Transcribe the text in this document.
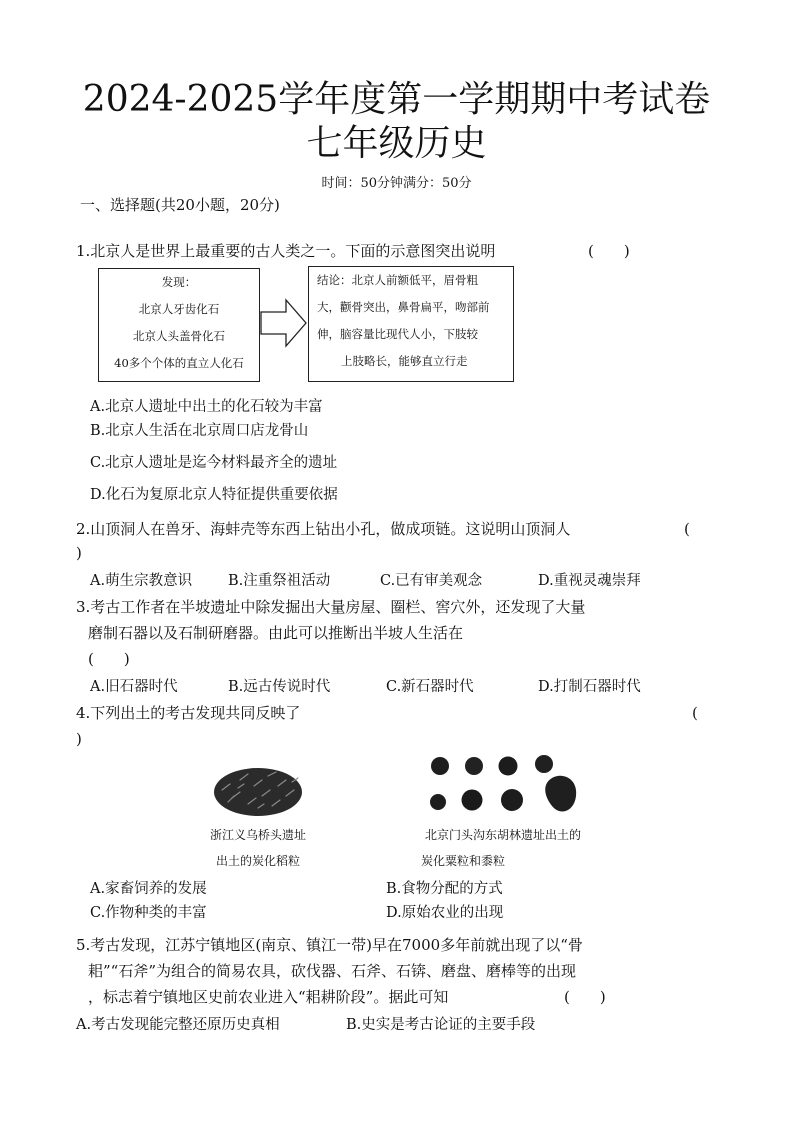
2024-2025学年度第一学期期中考试卷
七年级历史
时间：50分钟满分：50分
一、选择题(共20小题，20分)
1.北京人是世界上最重要的古人类之一。下面的示意图突出说明	(　　)
发现：
北京人牙齿化石
北京人头盖骨化石
40多个个体的直立人化石
结论：北京人前额低平，眉骨粗
大，颧骨突出，鼻骨扁平，吻部前
伸，脑容量比现代人小，下肢较
上肢略长，能够直立行走
A.北京人遗址中出土的化石较为丰富
B.北京人生活在北京周口店龙骨山
C.北京人遗址是迄今材料最齐全的遗址
D.化石为复原北京人特征提供重要依据
2.山顶洞人在兽牙、海蚌壳等东西上钻出小孔，做成项链。这说明山顶洞人	(
)
A.萌生宗教意识 B.注重祭祖活动	C.已有审美观念	D.重视灵魂崇拜
3.考古工作者在半坡遗址中除发掘出大量房屋、圈栏、窖穴外，还发现了大量
磨制石器以及石制研磨器。由此可以推断出半坡人生活在
(　　)
A.旧石器时代	B.远古传说时代	C.新石器时代	D.打制石器时代
4.下列出土的考古发现共同反映了	(
)
浙江义乌桥头遗址
出土的炭化稻粒
北京门头沟东胡林遗址出土的
炭化粟粒和黍粒
A.家畜饲养的发展	B.食物分配的方式
C.作物种类的丰富	D.原始农业的出现
5.考古发现，江苏宁镇地区(南京、镇江一带)早在7000多年前就出现了以“骨
耜”“石斧”为组合的简易农具，砍伐器、石斧、石锛、磨盘、磨棒等的出现
，标志着宁镇地区史前农业进入“耜耕阶段”。据此可知	(　　)
A.考古发现能完整还原历史真相	B.史实是考古论证的主要手段
